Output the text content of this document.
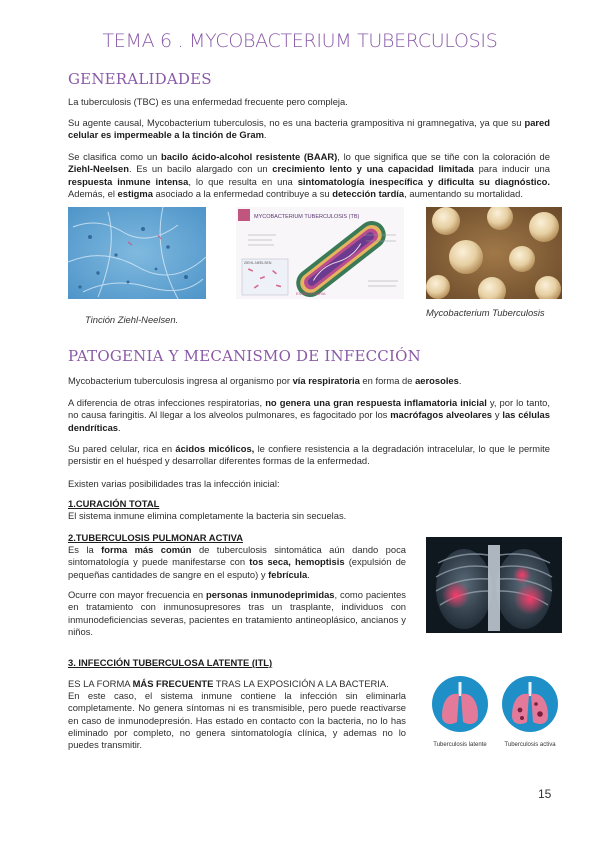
TEMA 6 . MYCOBACTERIUM TUBERCULOSIS
GENERALIDADES
La tuberculosis (TBC) es una enfermedad frecuente pero compleja.
Su agente causal, Mycobacterium tuberculosis, no es una bacteria grampositiva ni gramnegativa, ya que su pared celular es impermeable a la tinción de Gram.
Se clasifica como un bacilo ácido-alcohol resistente (BAAR), lo que significa que se tiñe con la coloración de Ziehl-Neelsen. Es un bacilo alargado con un crecimiento lento y una capacidad limitada para inducir una respuesta inmune intensa, lo que resulta en una sintomatología inespecífica y dificulta su diagnóstico. Además, el estigma asociado a la enfermedad contribuye a su detección tardía, aumentando su mortalidad.
MYCOBACTERIUM TUBERCULOSIS (TB)
ZIEHL-NEELSEN
ESPECIE MARIA
Tinción Ziehl-Neelsen.
Mycobacterium Tuberculosis
PATOGENIA Y MECANISMO DE INFECCIÓN
Mycobacterium tuberculosis ingresa al organismo por vía respiratoria en forma de aerosoles.
A diferencia de otras infecciones respiratorias, no genera una gran respuesta inflamatoria inicial y, por lo tanto, no causa faringitis. Al llegar a los alveolos pulmonares, es fagocitado por los macrófagos alveolares y las células dendríticas.
Su pared celular, rica en ácidos micólicos, le confiere resistencia a la degradación intracelular, lo que le permite persistir en el huésped y desarrollar diferentes formas de la enfermedad.
Existen varias posibilidades tras la infección inicial:
1.CURACIÓN TOTAL
El sistema inmune elimina completamente la bacteria sin secuelas.
2.TUBERCULOSIS PULMONAR ACTIVA
Es la forma más común de tuberculosis sintomática aún dando poca sintomatología y puede manifestarse con tos seca, hemoptisis (expulsión de pequeñas cantidades de sangre en el esputo) y febrícula.
Ocurre con mayor frecuencia en personas inmunodeprimidas, como pacientes en tratamiento con inmunosupresores tras un trasplante, individuos con inmunodeficiencias severas, pacientes en tratamiento antineoplásico, ancianos y niños.
3. INFECCIÓN TUBERCULOSA LATENTE (ITL)
ES LA FORMA MÁS FRECUENTE TRAS LA EXPOSICIÓN A LA BACTERIA.
En este caso, el sistema inmune contiene la infección sin eliminarla completamente. No genera síntomas ni es transmisible, pero puede reactivarse en caso de inmunodepresión. Has estado en contacto con la bacteria, no lo has eliminado por completo, no genera sintomatología clínica, y ademas no lo puedes transmitir.	Tuberculosis latente	Tuberculosis activa
15
